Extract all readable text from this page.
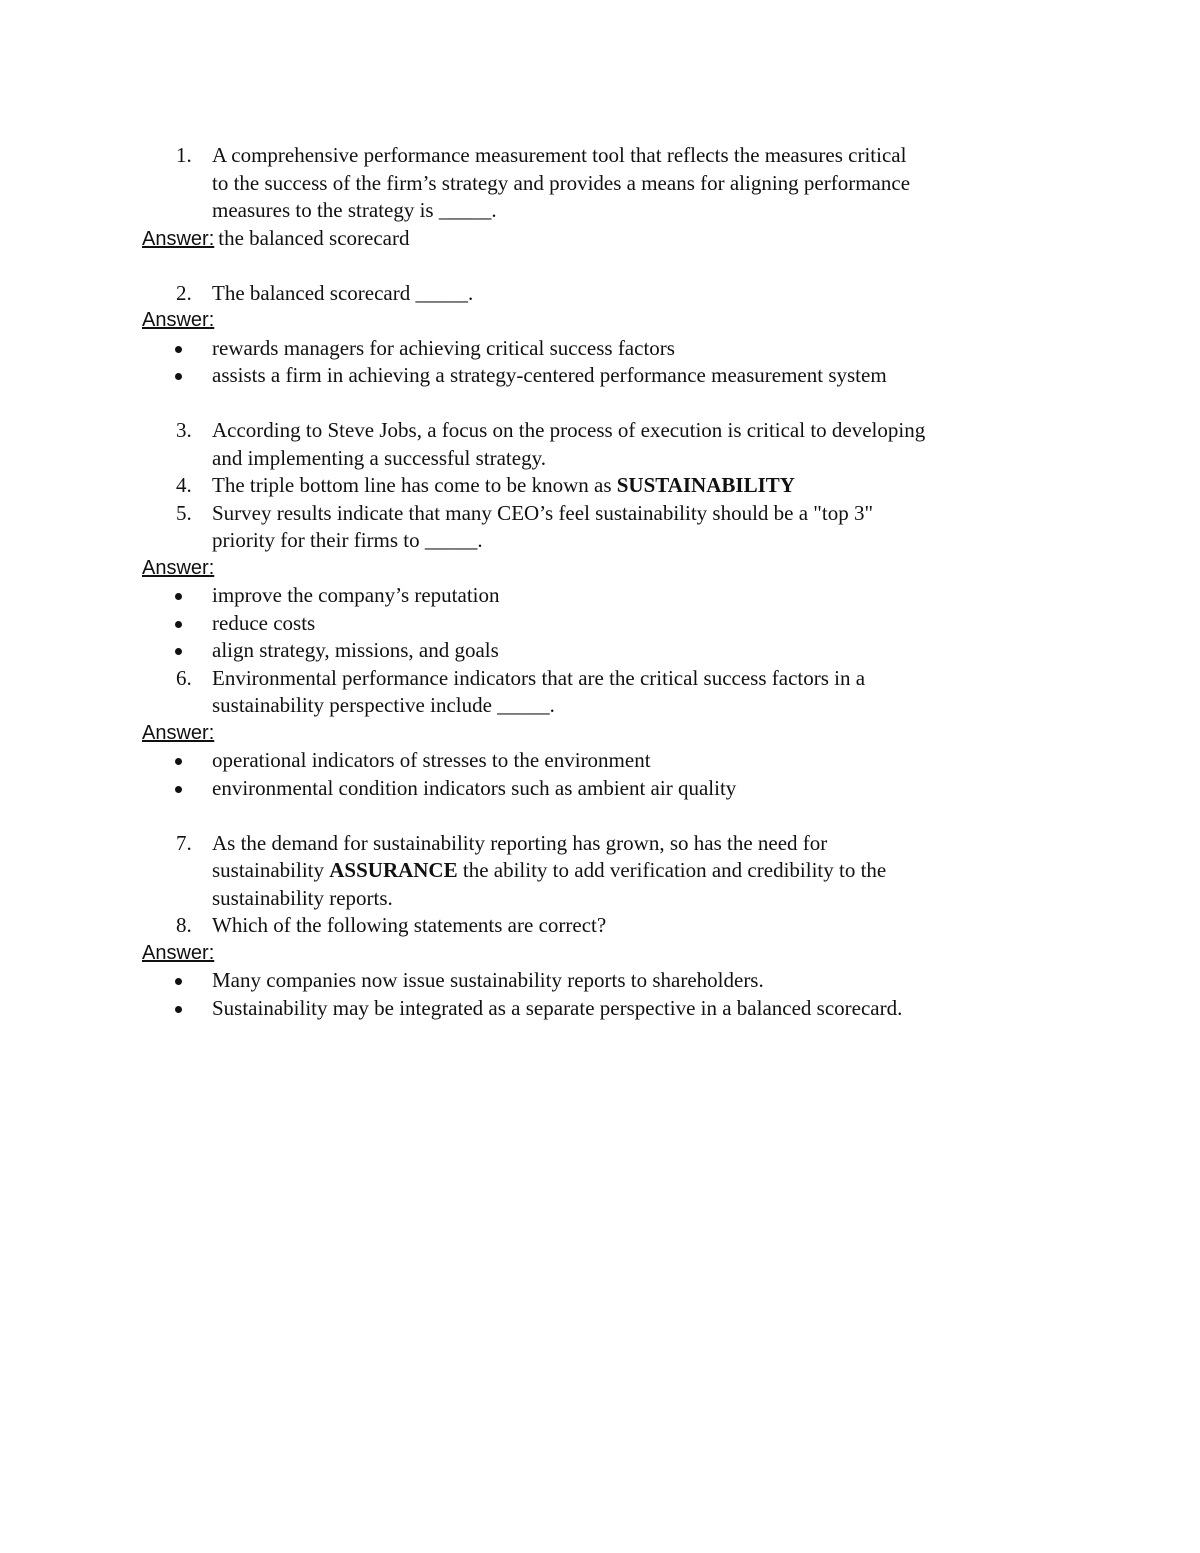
1. A comprehensive performance measurement tool that reflects the measures critical
to the success of the firm’s strategy and provides a means for aligning performance
measures to the strategy is _____.
Answer: the balanced scorecard
2. The balanced scorecard _____.
Answer:
rewards managers for achieving critical success factors
assists a firm in achieving a strategy-centered performance measurement system
3. According to Steve Jobs, a focus on the process of execution is critical to developing
and implementing a successful strategy.
4. The triple bottom line has come to be known as SUSTAINABILITY
5. Survey results indicate that many CEO’s feel sustainability should be a "top 3"
priority for their firms to _____.
Answer:
improve the company’s reputation
reduce costs
align strategy, missions, and goals
6. Environmental performance indicators that are the critical success factors in a
sustainability perspective include _____.
Answer:
operational indicators of stresses to the environment
environmental condition indicators such as ambient air quality
7. As the demand for sustainability reporting has grown, so has the need for
sustainability ASSURANCE the ability to add verification and credibility to the
sustainability reports.
8. Which of the following statements are correct?
Answer:
Many companies now issue sustainability reports to shareholders.
Sustainability may be integrated as a separate perspective in a balanced scorecard.
